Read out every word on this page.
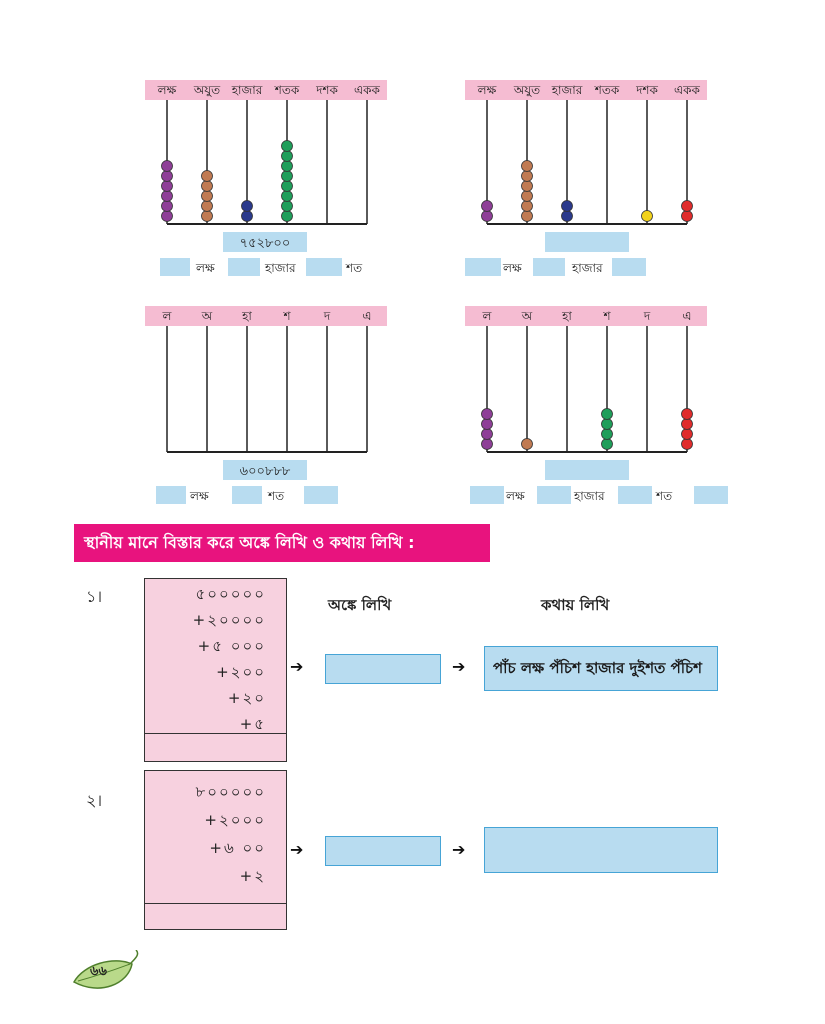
লক্ষ অযুত হাজার শতক দশক একক
৭৫২৮০০
লক্ষ	হাজার	শত
লক্ষ অযুত হাজার শতক দশক একক
লক্ষ	হাজার
ল	অ হা	শ	দ	এ
৬০০৮৮৮
লক্ষ	শত
ল	অ হা	শ	দ	এ
লক্ষ	হাজার	শত
স্থানীয় মানে বিস্তার করে অঙ্কে লিখি ও কথায় লিখি :
১।	৫০০০০০
+২০০০০
+৫ ০০০
+২০০
+২০
+৫
অঙ্কে লিখি	কথায় লিখি
➔	➔	পাঁচ লক্ষ পঁচিশ হাজার দুইশত পঁচিশ
২।	৮০০০০০
+২০০০
+৬ ০০
+২
➔	➔
৬৬
